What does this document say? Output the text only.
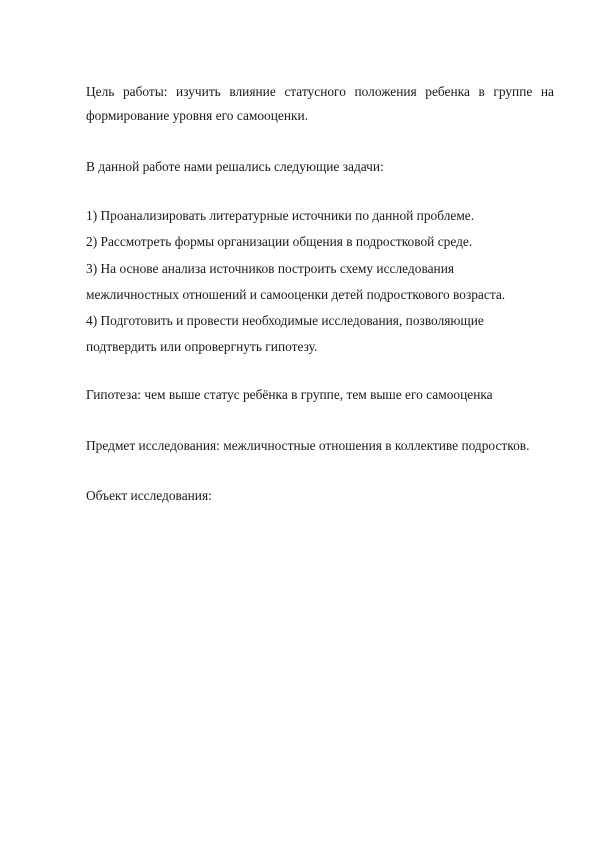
Цель работы: изучить влияние статусного положения ребенка в группе на
формирование уровня его самооценки.
В данной работе нами решались следующие задачи:
1) Проанализировать литературные источники по данной проблеме.
2) Рассмотреть формы организации общения в подростковой среде.
3) На основе анализа источников построить схему исследования
межличностных отношений и самооценки детей подросткового возраста.
4) Подготовить и провести необходимые исследования, позволяющие
подтвердить или опровергнуть гипотезу.
Гипотеза: чем выше статус ребёнка в группе, тем выше его самооценка
Предмет исследования: межличностные отношения в коллективе подростков.
Объект исследования:
